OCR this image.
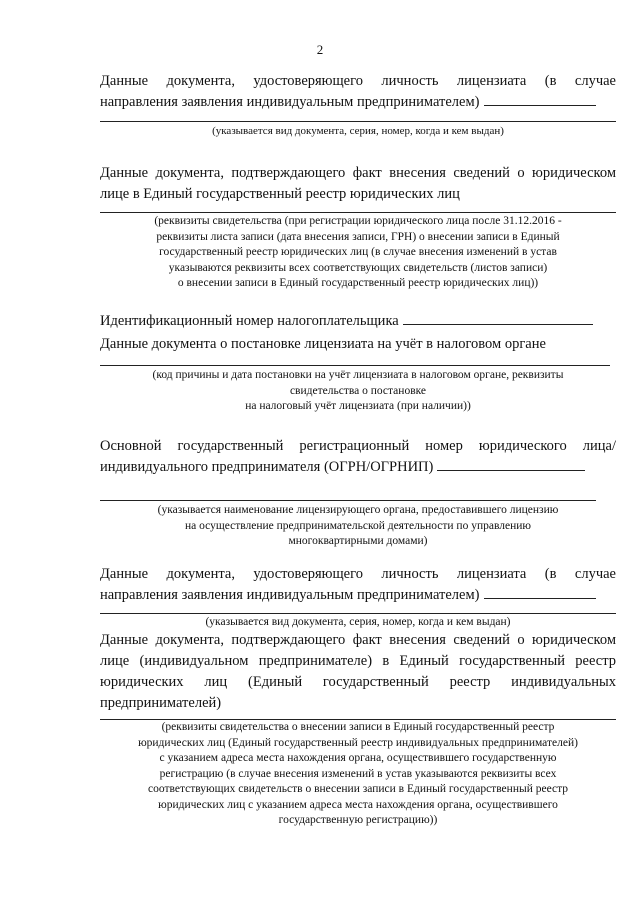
2

Данные документа, удостоверяющего личность лицензиата (в случае

направления заявления индивидуальным предпринимателем)

(указывается вид документа, серия, номер, когда и кем выдан)

Данные документа, подтверждающего факт внесения сведений о юридическом

лице в Единый государственный реестр юридических лиц

(реквизиты свидетельства (при регистрации юридического лица после 31.12.2016 -

реквизиты листа записи (дата внесения записи, ГРН) о внесении записи в Единый

государственный реестр юридических лиц (в случае внесения изменений в устав

указываются реквизиты всех соответствующих свидетельств (листов записи)

о внесении записи в Единый государственный реестр юридических лиц))

Идентификационный номер налогоплательщика

Данные документа о постановке лицензиата на учёт в налоговом органе

(код причины и дата постановки на учёт лицензиата в налоговом органе, реквизиты

свидетельства о постановке

на налоговый учёт лицензиата (при наличии))

Основной государственный регистрационный номер юридического лица/

индивидуального предпринимателя (ОГРН/ОГРНИП)

(указывается наименование лицензирующего органа, предоставившего лицензию

на осуществление предпринимательской деятельности по управлению

многоквартирными домами)

Данные документа, удостоверяющего личность лицензиата (в случае

направления заявления индивидуальным предпринимателем)

(указывается вид документа, серия, номер, когда и кем выдан)

Данные документа, подтверждающего факт внесения сведений о юридическом

лице (индивидуальном предпринимателе) в Единый государственный реестр

юридических лиц (Единый государственный реестр индивидуальных

предпринимателей)

(реквизиты свидетельства о внесении записи в Единый государственный реестр

юридических лиц (Единый государственный реестр индивидуальных предпринимателей)

с указанием адреса места нахождения органа, осуществившего государственную

регистрацию (в случае внесения изменений в устав указываются реквизиты всех

соответствующих свидетельств о внесении записи в Единый государственный реестр

юридических лиц с указанием адреса места нахождения органа, осуществившего

государственную регистрацию))
